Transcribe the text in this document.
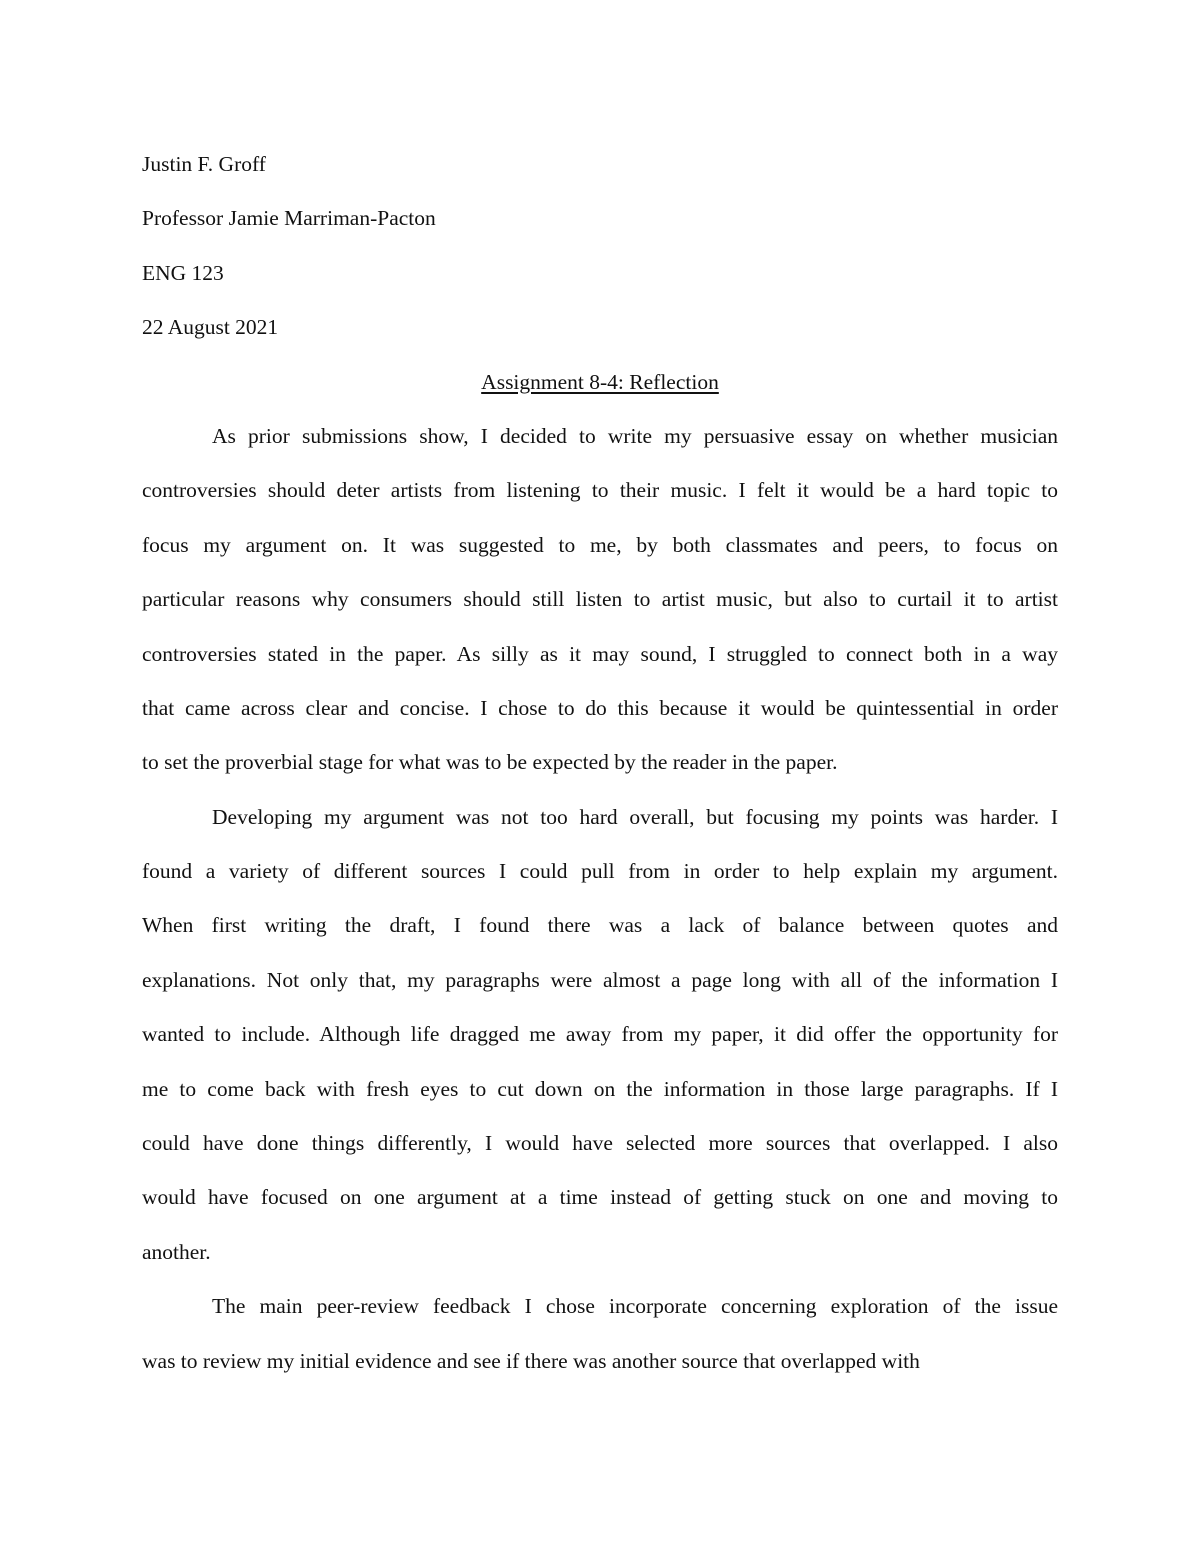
Justin F. Groff

Professor Jamie Marriman-Pacton

ENG 123

22 August 2021

Assignment 8-4: Reflection

As prior submissions show, I decided to write my persuasive essay on whether musician
controversies should deter artists from listening to their music. I felt it would be a hard topic to
focus my argument on. It was suggested to me, by both classmates and peers, to focus on
particular reasons why consumers should still listen to artist music, but also to curtail it to artist
controversies stated in the paper. As silly as it may sound, I struggled to connect both in a way
that came across clear and concise. I chose to do this because it would be quintessential in order
to set the proverbial stage for what was to be expected by the reader in the paper.
Developing my argument was not too hard overall, but focusing my points was harder. I
found a variety of different sources I could pull from in order to help explain my argument.
When first writing the draft, I found there was a lack of balance between quotes and
explanations. Not only that, my paragraphs were almost a page long with all of the information I
wanted to include. Although life dragged me away from my paper, it did offer the opportunity for
me to come back with fresh eyes to cut down on the information in those large paragraphs. If I
could have done things differently, I would have selected more sources that overlapped. I also
would have focused on one argument at a time instead of getting stuck on one and moving to
another.
The main peer-review feedback I chose incorporate concerning exploration of the issue
was to review my initial evidence and see if there was another source that overlapped with
